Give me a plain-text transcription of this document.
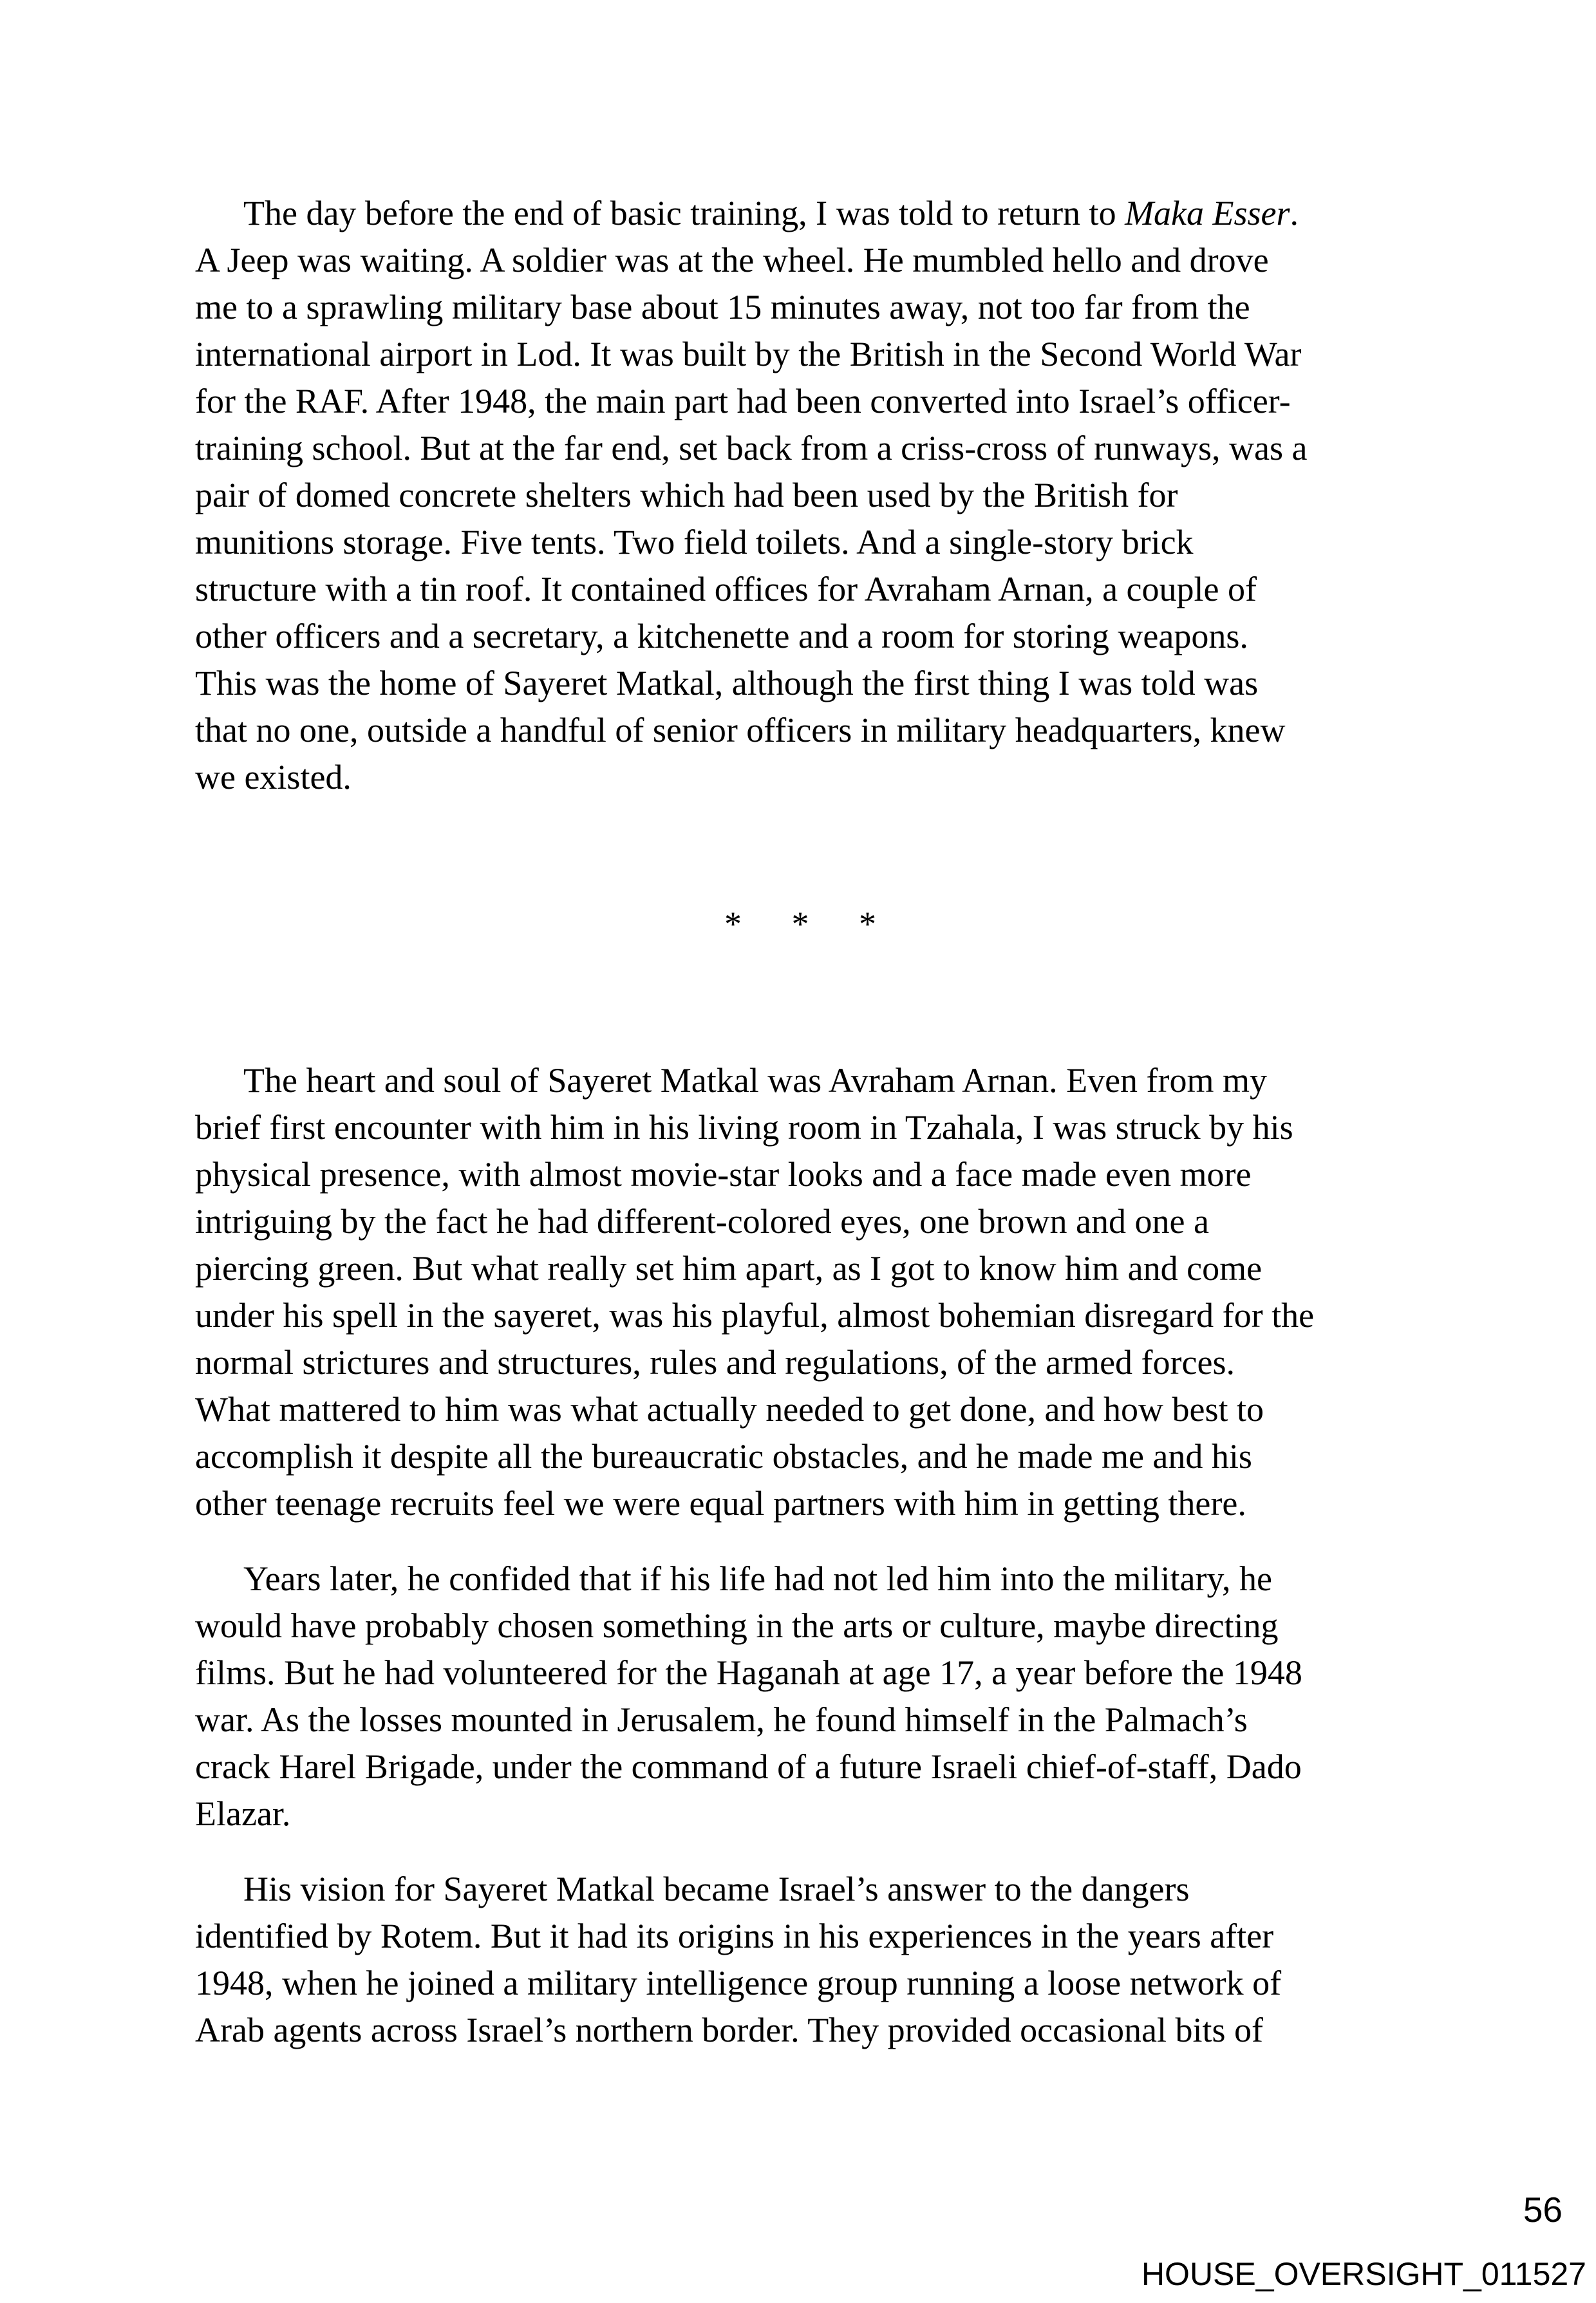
The day before the end of basic training, I was told to return to Maka Esser.
A Jeep was waiting. A soldier was at the wheel. He mumbled hello and drove
me to a sprawling military base about 15 minutes away, not too far from the
international airport in Lod. It was built by the British in the Second World War
for the RAF. After 1948, the main part had been converted into Israel’s officer-
training school. But at the far end, set back from a criss-cross of runways, was a
pair of domed concrete shelters which had been used by the British for
munitions storage. Five tents. Two field toilets. And a single-story brick
structure with a tin roof. It contained offices for Avraham Arnan, a couple of
other officers and a secretary, a kitchenette and a room for storing weapons.
This was the home of Sayeret Matkal, although the first thing I was told was
that no one, outside a handful of senior officers in military headquarters, knew
we existed.
* * *
The heart and soul of Sayeret Matkal was Avraham Arnan. Even from my
brief first encounter with him in his living room in Tzahala, I was struck by his
physical presence, with almost movie-star looks and a face made even more
intriguing by the fact he had different-colored eyes, one brown and one a
piercing green. But what really set him apart, as I got to know him and come
under his spell in the sayeret, was his playful, almost bohemian disregard for the
normal strictures and structures, rules and regulations, of the armed forces.
What mattered to him was what actually needed to get done, and how best to
accomplish it despite all the bureaucratic obstacles, and he made me and his
other teenage recruits feel we were equal partners with him in getting there.
Years later, he confided that if his life had not led him into the military, he
would have probably chosen something in the arts or culture, maybe directing
films. But he had volunteered for the Haganah at age 17, a year before the 1948
war. As the losses mounted in Jerusalem, he found himself in the Palmach’s
crack Harel Brigade, under the command of a future Israeli chief-of-staff, Dado
Elazar.
His vision for Sayeret Matkal became Israel’s answer to the dangers
identified by Rotem. But it had its origins in his experiences in the years after
1948, when he joined a military intelligence group running a loose network of
Arab agents across Israel’s northern border. They provided occasional bits of
56
HOUSE_OVERSIGHT_011527
